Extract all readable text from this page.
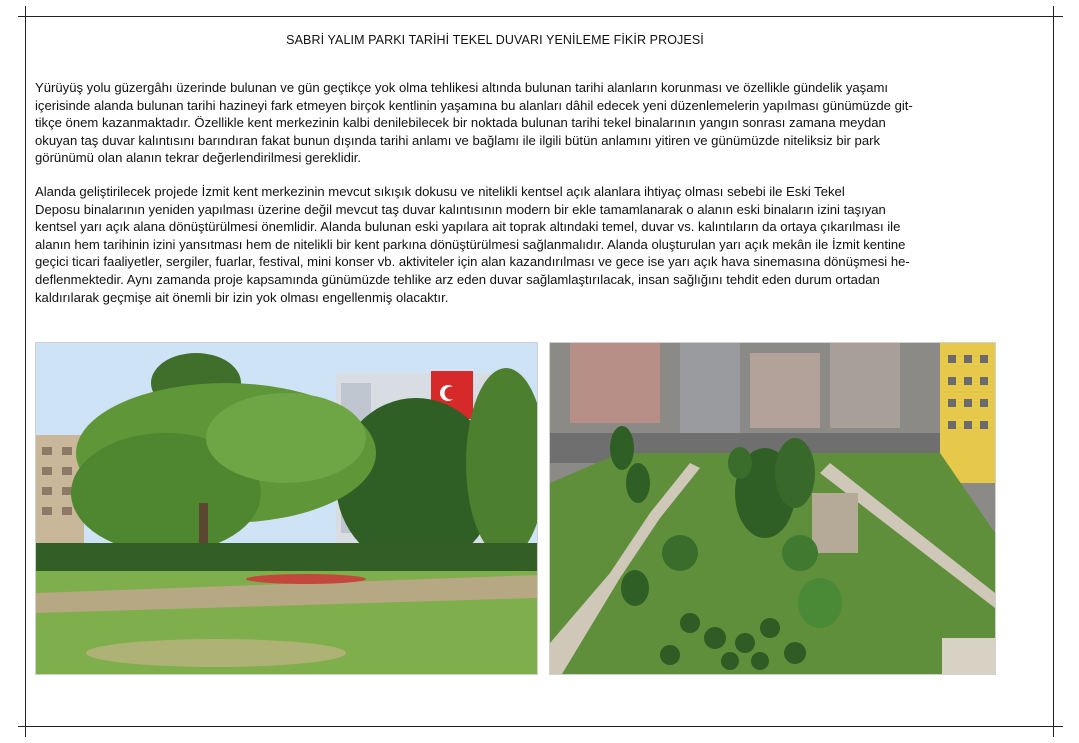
SABRİ YALIM PARKI TARİHİ TEKEL DUVARI YENİLEME FİKİR PROJESİ

Yürüyüş yolu güzergâhı üzerinde bulunan ve gün geçtikçe yok olma tehlikesi altında bulunan tarihi alanların korunması ve özellikle gündelik yaşamı
içerisinde alanda bulunan tarihi hazineyi fark etmeyen birçok kentlinin yaşamına bu alanları dâhil edecek yeni düzenlemelerin yapılması günümüzde git-
tikçe önem kazanmaktadır. Özellikle kent merkezinin kalbi denilebilecek bir noktada bulunan tarihi tekel binalarının yangın sonrası zamana meydan
okuyan taş duvar kalıntısını barındıran fakat bunun dışında tarihi anlamı ve bağlamı ile ilgili bütün anlamını yitiren ve günümüzde niteliksiz bir park
görünümü olan alanın tekrar değerlendirilmesi gereklidir.

Alanda geliştirilecek projede İzmit kent merkezinin mevcut sıkışık dokusu ve nitelikli kentsel açık alanlara ihtiyaç olması sebebi ile Eski Tekel
Deposu binalarının yeniden yapılması üzerine değil mevcut taş duvar kalıntısının modern bir ekle tamamlanarak o alanın eski binaların izini taşıyan
kentsel yarı açık alana dönüştürülmesi önemlidir. Alanda bulunan eski yapılara ait toprak altındaki temel, duvar vs. kalıntıların da ortaya çıkarılması ile
alanın hem tarihinin izini yansıtması hem de nitelikli bir kent parkına dönüştürülmesi sağlanmalıdır. Alanda oluşturulan yarı açık mekân ile İzmit kentine
geçici ticari faaliyetler, sergiler, fuarlar, festival, mini konser vb. aktiviteler için alan kazandırılması ve gece ise yarı açık hava sinemasına dönüşmesi he-
deflenmektedir. Aynı zamanda proje kapsamında günümüzde tehlike arz eden duvar sağlamlaştırılacak, insan sağlığını tehdit eden durum ortadan
kaldırılarak geçmişe ait önemli bir izin yok olması engellenmiş olacaktır.
